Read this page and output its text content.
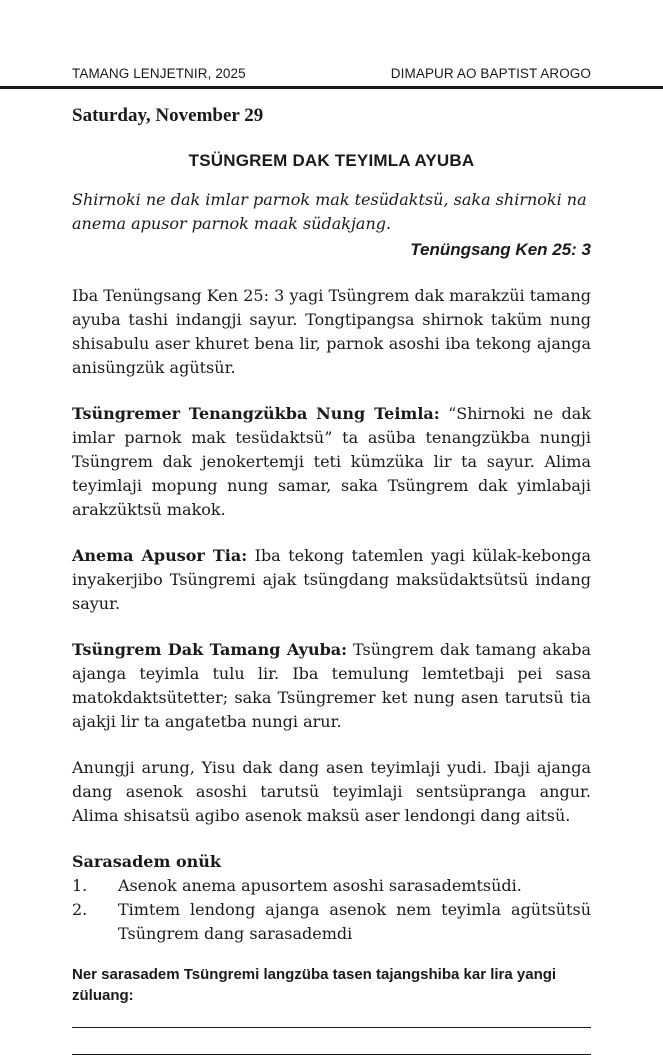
TAMANG LENJETNIR, 2025	DIMAPUR AO BAPTIST AROGO
Saturday, November 29
TSÜNGREM DAK TEYIMLA AYUBA

Shirnoki ne dak imlar parnok mak tesüdaktsü, saka shirnoki na anema apusor parnok maak südakjang.

Tenüngsang Ken 25: 3

Iba Tenüngsang Ken 25: 3 yagi Tsüngrem dak marakzüi tamang ayuba tashi indangji sayur. Tongtipangsa shirnok taküm nung shisabulu aser khuret bena lir, parnok asoshi iba tekong ajanga anisüngzük agütsür.

Tsüngremer Tenangzükba Nung Teimla: “Shirnoki ne dak imlar parnok mak tesüdaktsü” ta asüba tenangzükba nungji Tsüngrem dak jenokertemji teti kümzüka lir ta sayur. Alima teyimlaji mopung nung samar, saka Tsüngrem dak yimlabaji arakzüktsü makok.

Anema Apusor Tia: Iba tekong tatemlen yagi külak-kebonga inyakerjibo Tsüngremi ajak tsüngdang maksüdaktsütsü indang sayur.

Tsüngrem Dak Tamang Ayuba: Tsüngrem dak tamang akaba ajanga teyimla tulu lir. Iba temulung lemtetbaji pei sasa matokdaktsütetter; saka Tsüngremer ket nung asen tarutsü tia ajakji lir ta angatetba nungi arur.

Anungji arung, Yisu dak dang asen teyimlaji yudi. Ibaji ajanga dang asenok asoshi tarutsü teyimlaji sentsüpranga angur. Alima shisatsü agibo asenok maksü aser lendongi dang aitsü.

Sarasadem onük
1. Asenok anema apusortem asoshi sarasademtsüdi.
2. Timtem lendong ajanga asenok nem teyimla agütsütsü Tsüngrem dang sarasademdi

Ner sarasadem Tsüngremi langzüba tasen tajangshiba kar lira yangi züluang:
